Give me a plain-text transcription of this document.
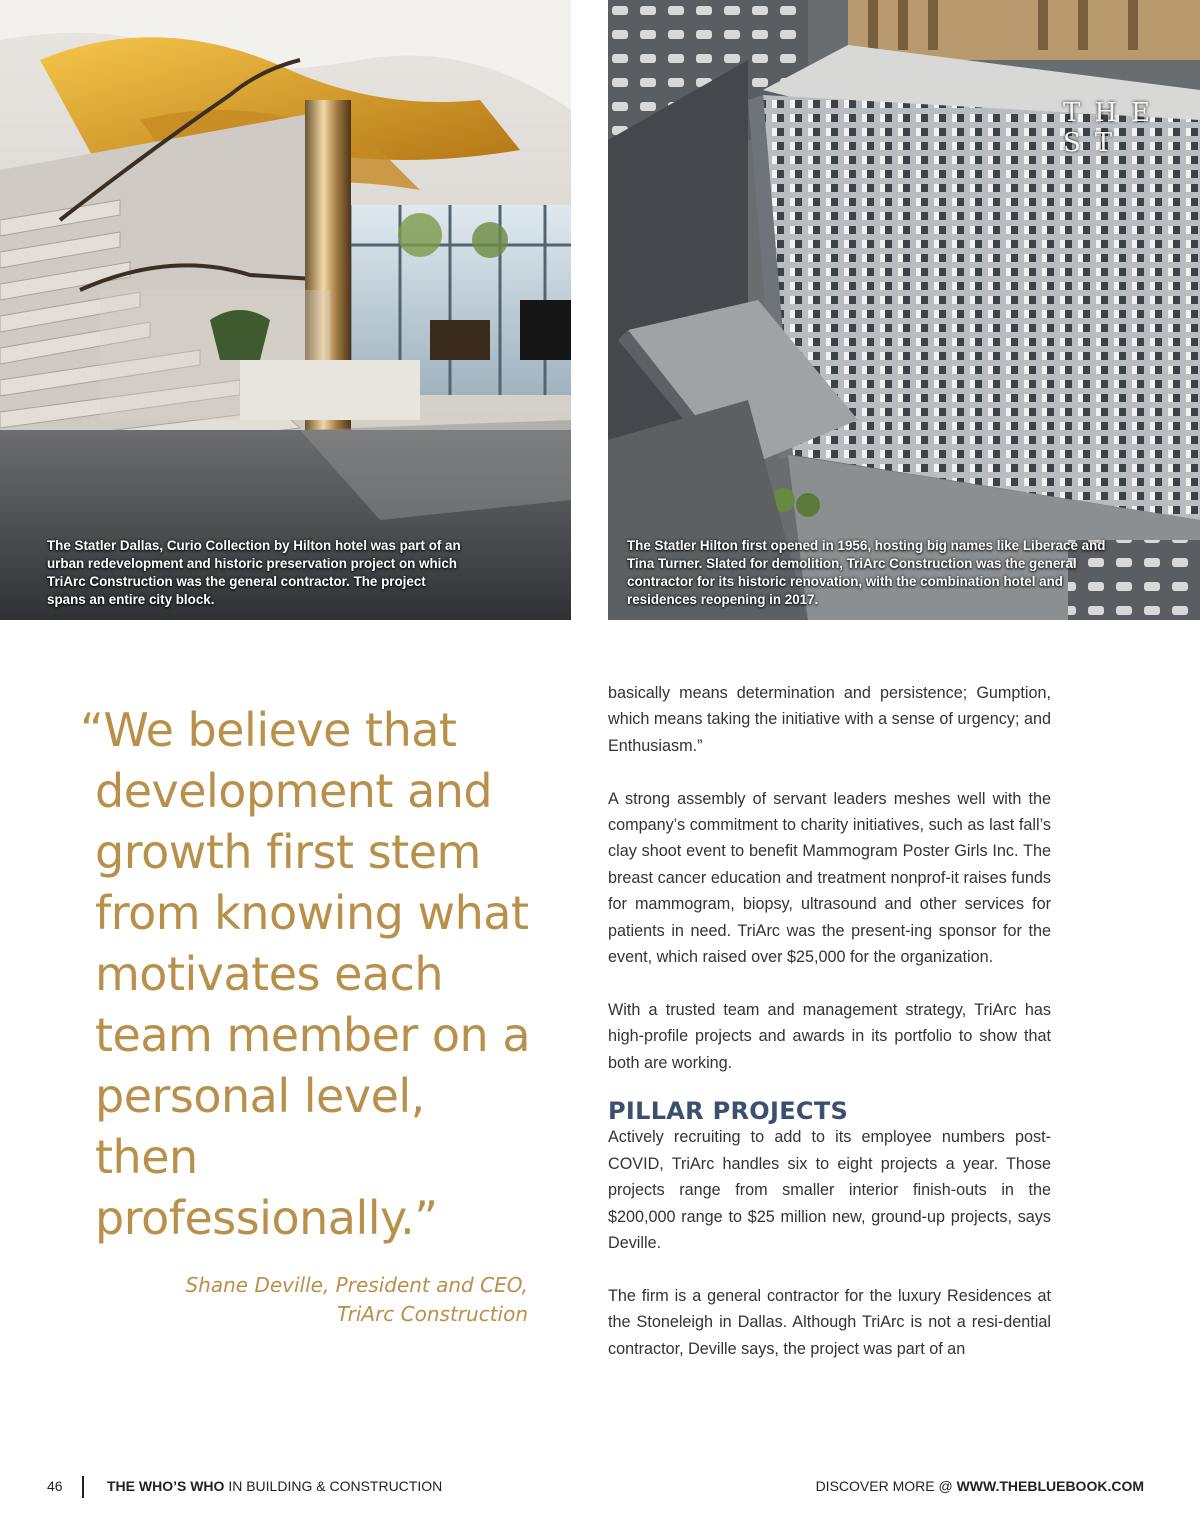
The Statler Dallas, Curio Collection by Hilton hotel was part of an urban redevelopment and historic preservation project on which TriArc Construction was the general contractor. The project spans an entire city block.
THE ST
The Statler Hilton first opened in 1956, hosting big names like Liberace and Tina Turner. Slated for demolition, TriArc Construction was the general contractor for its historic renovation, with the combination hotel and residences reopening in 2017.

“We believe that development and growth first stem from knowing what motivates each team member on a personal level, then professionally.”

Shane Deville, President and CEO,
TriArc Construction

basically means determination and persistence; Gumption, which means taking the initiative with a sense of urgency; and Enthusiasm.”

A strong assembly of servant leaders meshes well with the company’s commitment to charity initiatives, such as last fall’s clay shoot event to benefit Mammogram Poster Girls Inc. The breast cancer education and treatment nonprof-it raises funds for mammogram, biopsy, ultrasound and other services for patients in need. TriArc was the present-ing sponsor for the event, which raised over $25,000 for the organization.

With a trusted team and management strategy, TriArc has high-profile projects and awards in its portfolio to show that both are working.

PILLAR PROJECTS

Actively recruiting to add to its employee numbers post-COVID, TriArc handles six to eight projects a year. Those projects range from smaller interior finish-outs in the $200,000 range to $25 million new, ground-up projects, says Deville.

The firm is a general contractor for the luxury Residences at the Stoneleigh in Dallas. Although TriArc is not a resi-dential contractor, Deville says, the project was part of an

46	THE WHO’S WHO IN BUILDING & CONSTRUCTION	DISCOVER MORE @ WWW.THEBLUEBOOK.COM
